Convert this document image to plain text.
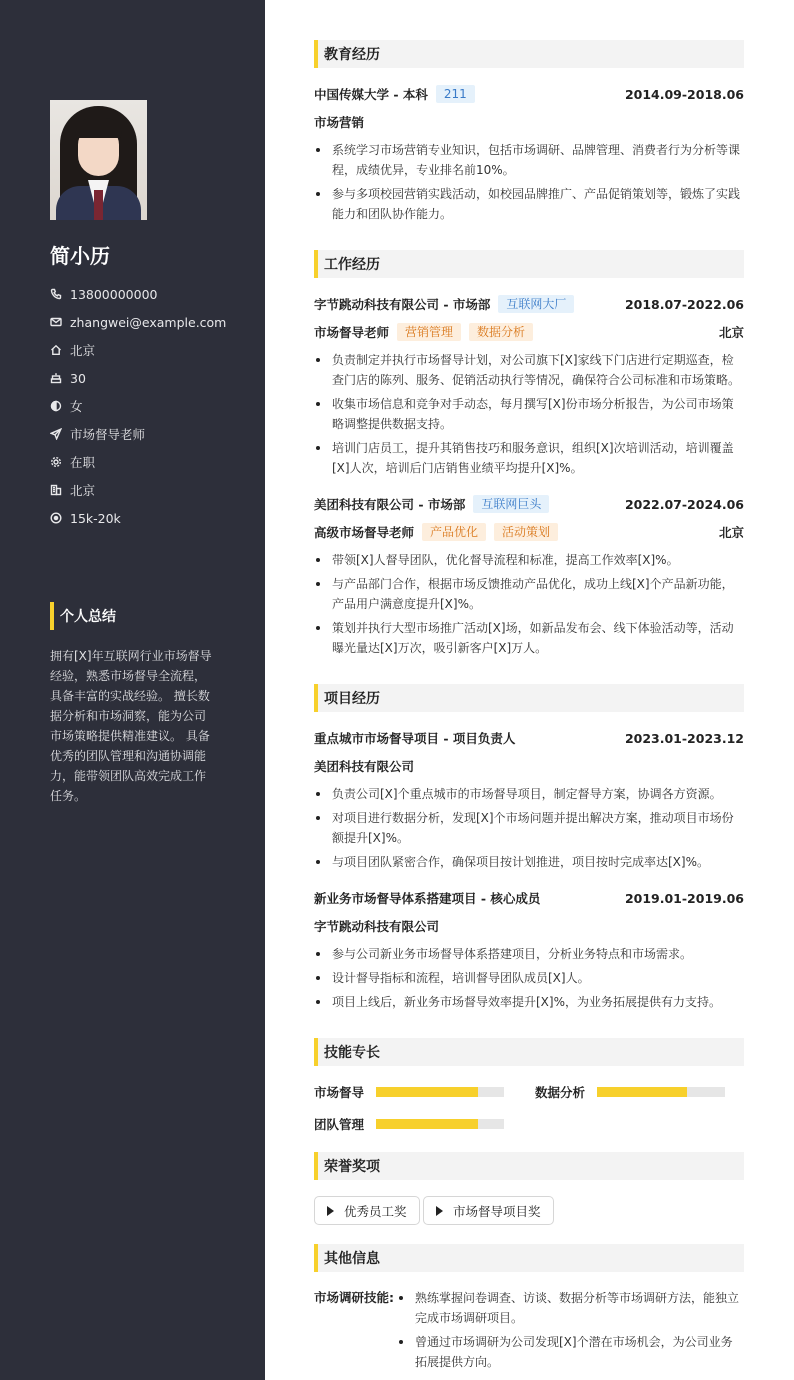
简小历
13800000000
zhangwei@example.com
北京
30
女
市场督导老师
在职
北京
15k-20k
个人总结
拥有[X]年互联网行业市场督导经验，熟悉市场督导全流程，具备丰富的实战经验。 擅长数据分析和市场洞察，能为公司市场策略提供精准建议。 具备优秀的团队管理和沟通协调能力，能带领团队高效完成工作任务。
教育经历
中国传媒大学 - 本科	211	2014.09-2018.06
市场营销
系统学习市场营销专业知识，包括市场调研、品牌管理、消费者行为分析等课程，成绩优异，专业排名前10%。
参与多项校园营销实践活动，如校园品牌推广、产品促销策划等，锻炼了实践能力和团队协作能力。
工作经历
字节跳动科技有限公司 - 市场部	互联网大厂	2018.07-2022.06
市场督导老师	营销管理	数据分析	北京
负责制定并执行市场督导计划，对公司旗下[X]家线下门店进行定期巡查，检查门店的陈列、服务、促销活动执行等情况，确保符合公司标准和市场策略。
收集市场信息和竞争对手动态，每月撰写[X]份市场分析报告，为公司市场策略调整提供数据支持。
培训门店员工，提升其销售技巧和服务意识，组织[X]次培训活动，培训覆盖[X]人次，培训后门店销售业绩平均提升[X]%。
美团科技有限公司 - 市场部	互联网巨头	2022.07-2024.06
高级市场督导老师	产品优化	活动策划	北京
带领[X]人督导团队，优化督导流程和标准，提高工作效率[X]%。
与产品部门合作，根据市场反馈推动产品优化，成功上线[X]个产品新功能，产品用户满意度提升[X]%。
策划并执行大型市场推广活动[X]场，如新品发布会、线下体验活动等，活动曝光量达[X]万次，吸引新客户[X]万人。
项目经历
重点城市市场督导项目 - 项目负责人	2023.01-2023.12
美团科技有限公司
负责公司[X]个重点城市的市场督导项目，制定督导方案，协调各方资源。
对项目进行数据分析，发现[X]个市场问题并提出解决方案，推动项目市场份额提升[X]%。
与项目团队紧密合作，确保项目按计划推进，项目按时完成率达[X]%。
新业务市场督导体系搭建项目 - 核心成员	2019.01-2019.06
字节跳动科技有限公司
参与公司新业务市场督导体系搭建项目，分析业务特点和市场需求。
设计督导指标和流程，培训督导团队成员[X]人。
项目上线后，新业务市场督导效率提升[X]%，为业务拓展提供有力支持。
技能专长
市场督导	数据分析
团队管理
荣誉奖项
优秀员工奖	市场督导项目奖
其他信息
市场调研技能:	熟练掌握问卷调查、访谈、数据分析等市场调研方法，能独立完成市场调研项目。
曾通过市场调研为公司发现[X]个潜在市场机会，为公司业务拓展提供方向。
